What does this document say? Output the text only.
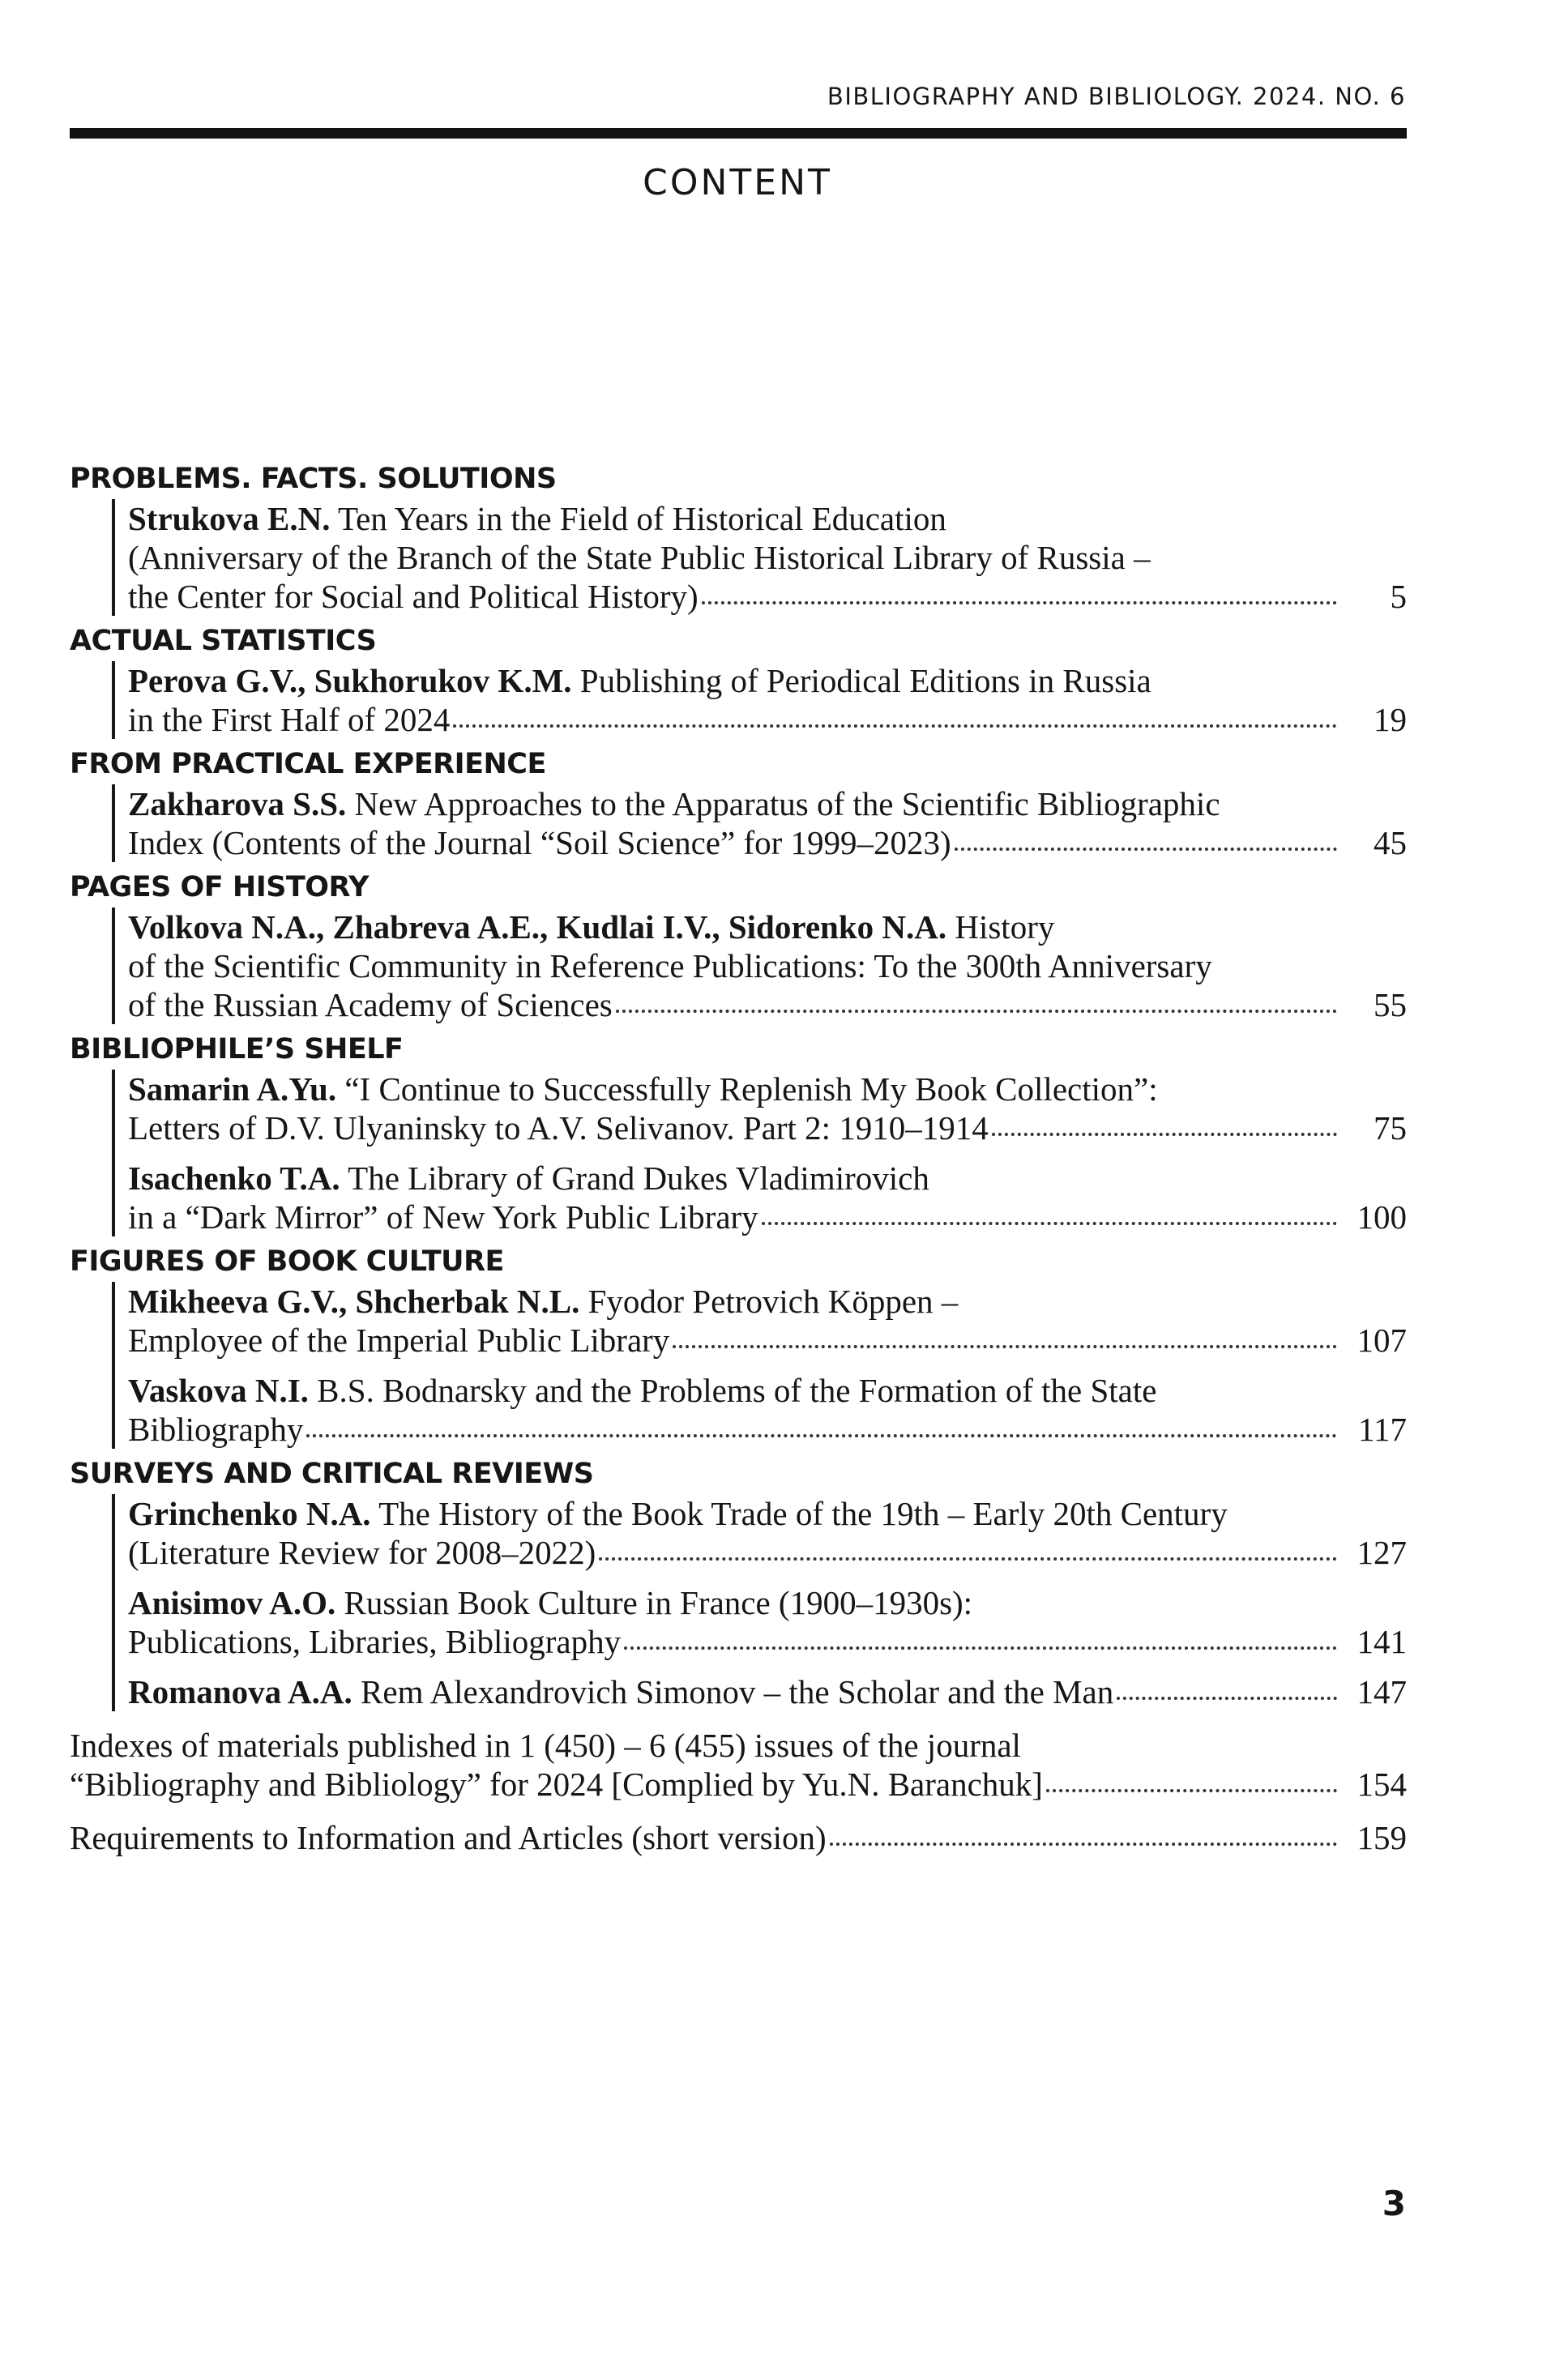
BIBLIOGRAPHY AND BIBLIOLOGY. 2024. NO. 6
CONTENT
PROBLEMS. FACTS. SOLUTIONS
Strukova E.N. Ten Years in the Field of Historical Education
(Anniversary of the Branch of the State Public Historical Library of Russia –
the Center for Social and Political History)	5
ACTUAL STATISTICS
Perova G.V., Sukhorukov K.M. Publishing of Periodical Editions in Russia
in the First Half of 2024	19
FROM PRACTICAL EXPERIENCE
Zakharova S.S. New Approaches to the Apparatus of the Scientific Bibliographic
Index (Contents of the Journal “Soil Science” for 1999–2023)	45
PAGES OF HISTORY
Volkova N.A., Zhabreva A.E., Kudlai I.V., Sidorenko N.A. History
of the Scientific Community in Reference Publications: To the 300th Anniversary
of the Russian Academy of Sciences	55
BIBLIOPHILE’S SHELF
Samarin A.Yu. “I Continue to Successfully Replenish My Book Collection”:
Letters of D.V. Ulyaninsky to A.V. Selivanov. Part 2: 1910–1914	75
Isachenko T.A. The Library of Grand Dukes Vladimirovich
in a “Dark Mirror” of New York Public Library	100
FIGURES OF BOOK CULTURE
Mikheeva G.V., Shcherbak N.L. Fyodor Petrovich Köppen –
Employee of the Imperial Public Library	107
Vaskova N.I. B.S. Bodnarsky and the Problems of the Formation of the State
Bibliography	117
SURVEYS AND CRITICAL REVIEWS
Grinchenko N.A. The History of the Book Trade of the 19th – Early 20th Century
(Literature Review for 2008–2022)	127
Anisimov A.O. Russian Book Culture in France (1900–1930s):
Publications, Libraries, Bibliography	141
Romanova A.A. Rem Alexandrovich Simonov – the Scholar and the Man	147
Indexes of materials published in 1 (450) – 6 (455) issues of the journal
“Bibliography and Bibliology” for 2024 [Complied by Yu.N. Baranchuk]	154
Requirements to Information and Articles (short version)	159
3
